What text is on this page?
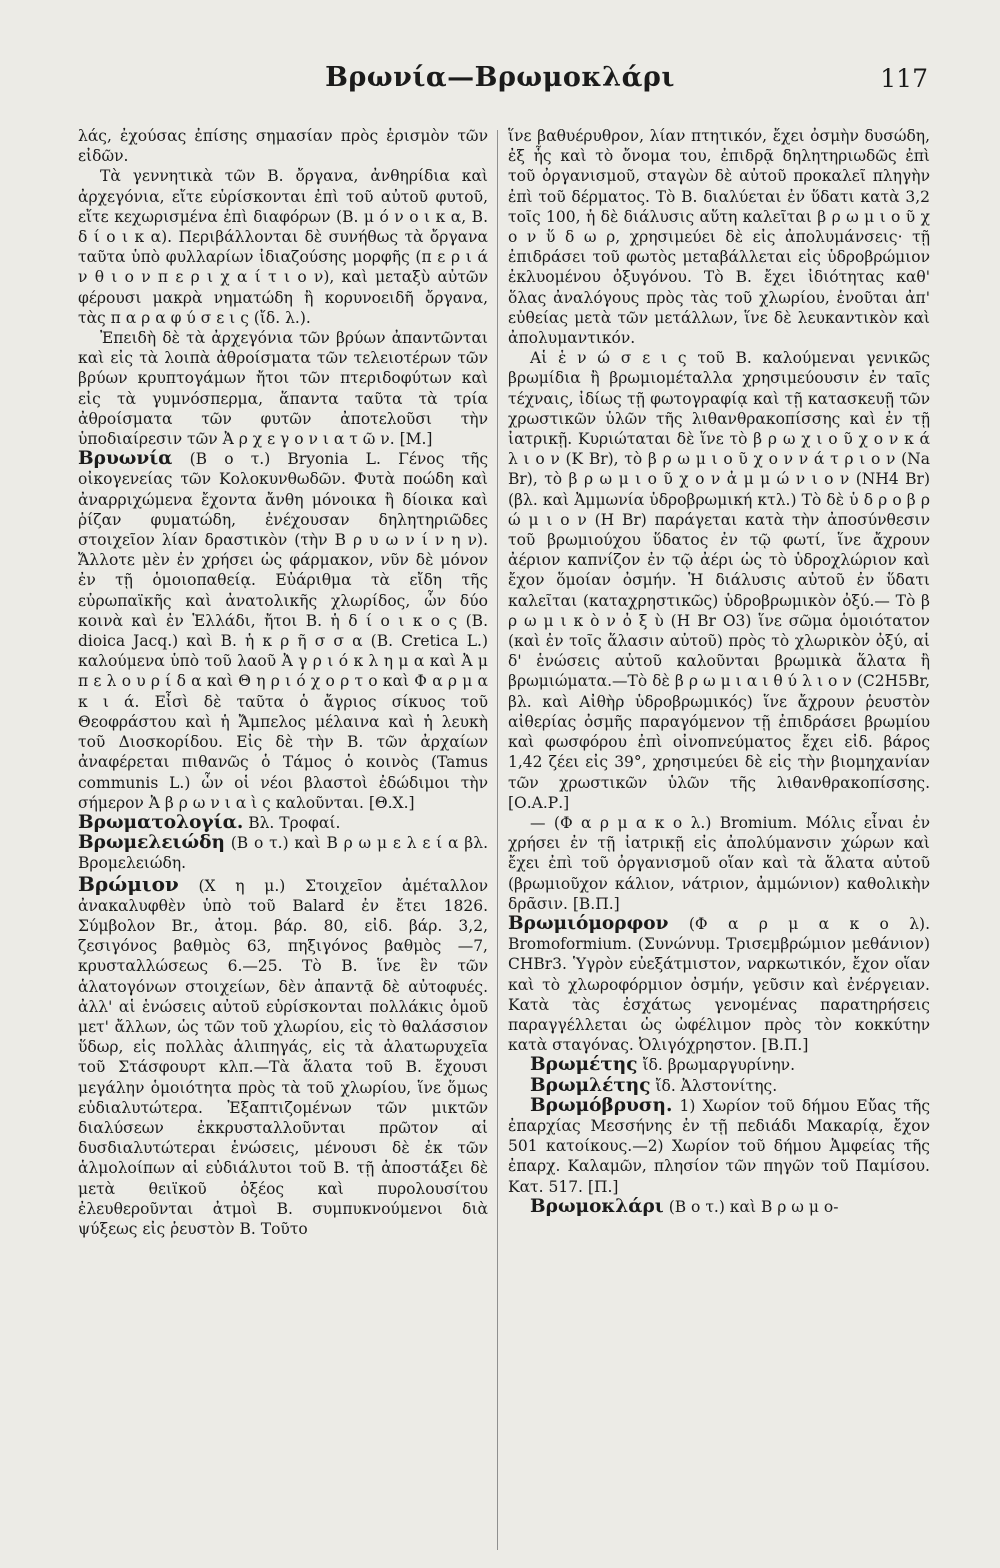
Βρωνία—Βρωμοκλάρι	117

λάς, ἐχούσας ἐπίσης σημασίαν πρὸς ἑρισμὸν τῶν εἰδῶν.

Τὰ γεννητικὰ τῶν Β. ὄργανα, ἀνθηρίδια καὶ ἀρχεγόνια, εἴτε εὑρίσκονται ἐπὶ τοῦ αὐτοῦ φυτοῦ, εἴτε κεχωρισμένα ἐπὶ διαφόρων (Β. μ ό ν ο ι κ α, Β. δ ί ο ι κ α). Περιβάλλονται δὲ συνήθως τὰ ὄργανα ταῦτα ὑπὸ φυλλαρίων ἰδιαζούσης μορφῆς (π ε ρ ι ά ν θ ι ο ν π ε ρ ι χ α ί τ ι ο ν), καὶ μεταξὺ αὐτῶν φέρουσι μακρὰ νηματώδη ἢ κορυνοειδῆ ὄργανα, τὰς π α ρ α φ ύ σ ε ι ς (ἴδ. λ.).

Ἐπειδὴ δὲ τὰ ἀρχεγόνια τῶν βρύων ἀπαντῶνται καὶ εἰς τὰ λοιπὰ ἀθροίσματα τῶν τελειοτέρων τῶν βρύων κρυπτογάμων ἤτοι τῶν πτεριδοφύτων καὶ εἰς τὰ γυμνόσπερμα, ἅπαντα ταῦτα τὰ τρία ἀθροίσματα τῶν φυτῶν ἀποτελοῦσι τὴν ὑποδιαίρεσιν τῶν Ἀ ρ χ ε γ ο ν ι α τ ῶ ν. [Μ.]

Βρυωνία (Β ο τ.) Bryonia L. Γένος τῆς οἰκογενείας τῶν Κολοκυνθωδῶν. Φυτὰ ποώδη καὶ ἀναρριχώμενα ἔχοντα ἄνθη μόνοικα ἢ δίοικα καὶ ῥίζαν φυματώδη, ἐνέχουσαν δηλητηριῶδες στοιχεῖον λίαν δραστικὸν (τὴν Β ρ υ ω ν ί ν η ν). Ἄλλοτε μὲν ἐν χρήσει ὡς φάρμακον, νῦν δὲ μόνον ἐν τῇ ὁμοιοπαθείᾳ. Εὐάριθμα τὰ εἴδη τῆς εὐρωπαϊκῆς καὶ ἀνατολικῆς χλωρίδος, ὧν δύο κοινὰ καὶ ἐν Ἑλλάδι, ἤτοι Β. ἡ δ ί ο ι κ ο ς (B. dioica Jacq.) καὶ Β. ἡ κ ρ ῆ σ σ α (B. Cretica L.) καλούμενα ὑπὸ τοῦ λαοῦ Ἀ γ ρ ι ό κ λ η μ α καὶ Ἀ μ π ε λ ο υ ρ ί δ α καὶ Θ η ρ ι ό χ ο ρ τ ο καὶ Φ α ρ μ α κ ι ά. Εἶσὶ δὲ ταῦτα ὁ ἄγριος σίκυος τοῦ Θεοφράστου καὶ ἡ Ἄμπελος μέλαινα καὶ ἡ λευκὴ τοῦ Διοσκορίδου. Εἰς δὲ τὴν Β. τῶν ἀρχαίων ἀναφέρεται πιθανῶς ὁ Τάμος ὁ κοινὸς (Tamus communis L.) ὧν οἱ νέοι βλαστοὶ ἐδώδιμοι τὴν σήμερον Ἀ β ρ ω ν ι α ὶ ς καλοῦνται. [Θ.Χ.]

Βρωματολογία. Βλ. Τροφαί.

Βρωμελειώδη (Β ο τ.) καὶ Β ρ ω μ ε λ ε ί α βλ. Βρομελειώδη.

Βρώμιον (Χ η μ.) Στοιχεῖον ἀμέταλλον ἀνακαλυφθὲν ὑπὸ τοῦ Balard ἐν ἔτει 1826. Σύμβολον Br., ἀτομ. βάρ. 80, εἰδ. βάρ. 3,2, ζεσιγόνος βαθμὸς 63, πηξιγόνος βαθμὸς —7, κρυσταλλώσεως 6.—25. Τὸ Β. ἵνε ἓν τῶν ἁλατογόνων στοιχείων, δὲν ἀπαντᾷ δὲ αὐτοφυές. ἀλλ' αἱ ἑνώσεις αὐτοῦ εὑρίσκονται πολλάκις ὁμοῦ μετ' ἄλλων, ὡς τῶν τοῦ χλωρίου, εἰς τὸ θαλάσσιον ὕδωρ, εἰς πολλὰς ἁλιπηγάς, εἰς τὰ ἁλατωρυχεῖα τοῦ Στάσφουρτ κλπ.—Τὰ ἅλατα τοῦ Β. ἔχουσι μεγάλην ὁμοιότητα πρὸς τὰ τοῦ χλωρίου, ἵνε ὅμως εὐδιαλυτώτερα. Ἐξαπτιζομένων τῶν μικτῶν διαλύσεων ἐκκρυσταλλοῦνται πρῶτον αἱ δυσδιαλυτώτεραι ἑνώσεις, μένουσι δὲ ἐκ τῶν ἁλμολοίπων αἱ εὐδιάλυτοι τοῦ Β. τῇ ἀποστάξει δὲ μετὰ θειϊκοῦ ὀξέος καὶ πυρολουσίτου ἐλευθεροῦνται ἀτμοὶ Β. συμπυκνούμενοι διὰ ψύξεως εἰς ῥευστὸν Β. Τοῦτο

ἵνε βαθυέρυθρον, λίαν πτητικόν, ἔχει ὀσμὴν δυσώδη, ἐξ ἧς καὶ τὸ ὄνομα του, ἐπιδρᾷ δηλητηριωδῶς ἐπὶ τοῦ ὀργανισμοῦ, σταγὼν δὲ αὐτοῦ προκαλεῖ πληγὴν ἐπὶ τοῦ δέρματος. Τὸ Β. διαλύεται ἐν ὕδατι κατὰ 3,2 τοῖς 100, ἡ δὲ διάλυσις αὕτη καλεῖται β ρ ω μ ι ο ῦ χ ο ν ὕ δ ω ρ, χρησιμεύει δὲ εἰς ἀπολυμάνσεις· τῇ ἐπιδράσει τοῦ φωτὸς μεταβάλλεται εἰς ὑδροβρώμιον ἐκλυομένου ὀξυγόνου. Τὸ Β. ἔχει ἰδιότητας καθ' ὅλας ἀναλόγους πρὸς τὰς τοῦ χλωρίου, ἑνοῦται ἀπ' εὐθείας μετὰ τῶν μετάλλων, ἵνε δὲ λευκαντικὸν καὶ ἀπολυμαντικόν.

Αἱ ἑ ν ώ σ ε ι ς τοῦ Β. καλούμεναι γενικῶς βρωμίδια ἢ βρωμιομέταλλα χρησιμεύουσιν ἐν ταῖς τέχναις, ἰδίως τῇ φωτογραφίᾳ καὶ τῇ κατασκευῇ τῶν χρωστικῶν ὑλῶν τῆς λιθανθρακοπίσσης καὶ ἐν τῇ ἰατρικῇ. Κυριώταται δὲ ἵνε τὸ β ρ ω χ ι ο ῦ χ ο ν κ ά λ ι ο ν (K Br), τὸ β ρ ω μ ι ο ῦ χ ο ν ν ά τ ρ ι ο ν (Na Br), τὸ β ρ ω μ ι ο ῦ χ ο ν ἀ μ μ ώ ν ι ο ν (NH4 Br) (βλ. καὶ Ἀμμωνία ὑδροβρωμική κτλ.) Τὸ δὲ ὑ δ ρ ο β ρ ώ μ ι ο ν (H Br) παράγεται κατὰ τὴν ἀποσύνθεσιν τοῦ βρωμιούχου ὕδατος ἐν τῷ φωτί, ἵνε ἄχρουν ἀέριον καπνίζον ἐν τῷ ἀέρι ὡς τὸ ὑδροχλώριον καὶ ἔχον ὅμοίαν ὀσμήν. Ἡ διάλυσις αὐτοῦ ἐν ὕδατι καλεῖται (καταχρηστικῶς) ὑδροβρωμικὸν ὀξύ.— Τὸ β ρ ω μ ι κ ὸ ν ὀ ξ ὺ (H Br O3) ἵνε σῶμα ὁμοιότατον (καὶ ἐν τοῖς ἅλασιν αὐτοῦ) πρὸς τὸ χλωρικὸν ὀξύ, αἱ δ' ἑνώσεις αὐτοῦ καλοῦνται βρωμικὰ ἅλατα ἢ βρωμιώματα.—Τὸ δὲ β ρ ω μ ι α ι θ ύ λ ι ο ν (C2H5Br, βλ. καὶ Αἰθὴρ ὑδροβρωμικός) ἵνε ἄχρουν ῥευστὸν αἰθερίας ὀσμῆς παραγόμενον τῇ ἐπιδράσει βρωμίου καὶ φωσφόρου ἐπὶ οἰνοπνεύματος ἔχει εἰδ. βάρος 1,42 ζέει εἰς 39°, χρησιμεύει δὲ εἰς τὴν βιομηχανίαν τῶν χρωστικῶν ὑλῶν τῆς λιθανθρακοπίσσης. [Ο.Α.Ρ.]

— (Φ α ρ μ α κ ο λ.) Bromium. Μόλις εἶναι ἐν χρήσει ἐν τῇ ἰατρικῇ εἰς ἀπολύμανσιν χώρων καὶ ἔχει ἐπὶ τοῦ ὀργανισμοῦ οἵαν καὶ τὰ ἅλατα αὐτοῦ (βρωμιοῦχον κάλιον, νάτριον, ἀμμώνιον) καθολικὴν δρᾶσιν. [Β.Π.]

Βρωμιόμορφον (Φ α ρ μ α κ ο λ). Bromoformium. (Συνώνυμ. Τρισεμβρώμιον μεθάνιον) CHBr3. Ὑγρὸν εὐεξάτμιστον, ναρκωτικόν, ἔχον οἵαν καὶ τὸ χλωροφόρμιον ὀσμήν, γεῦσιν καὶ ἐνέργειαν. Κατὰ τὰς ἐσχάτως γενομένας παρατηρήσεις παραγγέλλεται ὡς ὠφέλιμον πρὸς τὸν κοκκύτην κατὰ σταγόνας. Ὀλιγόχρηστον. [Β.Π.]

Βρωμέτης ἴδ. βρωμαργυρίνην.

Βρωμλέτης ἴδ. Ἀλστονίτης.

Βρωμόβρυση. 1) Χωρίον τοῦ δήμου Εὔας τῆς ἐπαρχίας Μεσσήνης ἐν τῇ πεδιάδι Μακαρίᾳ, ἔχον 501 κατοίκους.—2) Χωρίον τοῦ δήμου Ἀμφείας τῆς ἐπαρχ. Καλαμῶν, πλησίον τῶν πηγῶν τοῦ Παμίσου. Κατ. 517. [Π.]

Βρωμοκλάρι (Β ο τ.) καὶ Β ρ ω μ ο-
